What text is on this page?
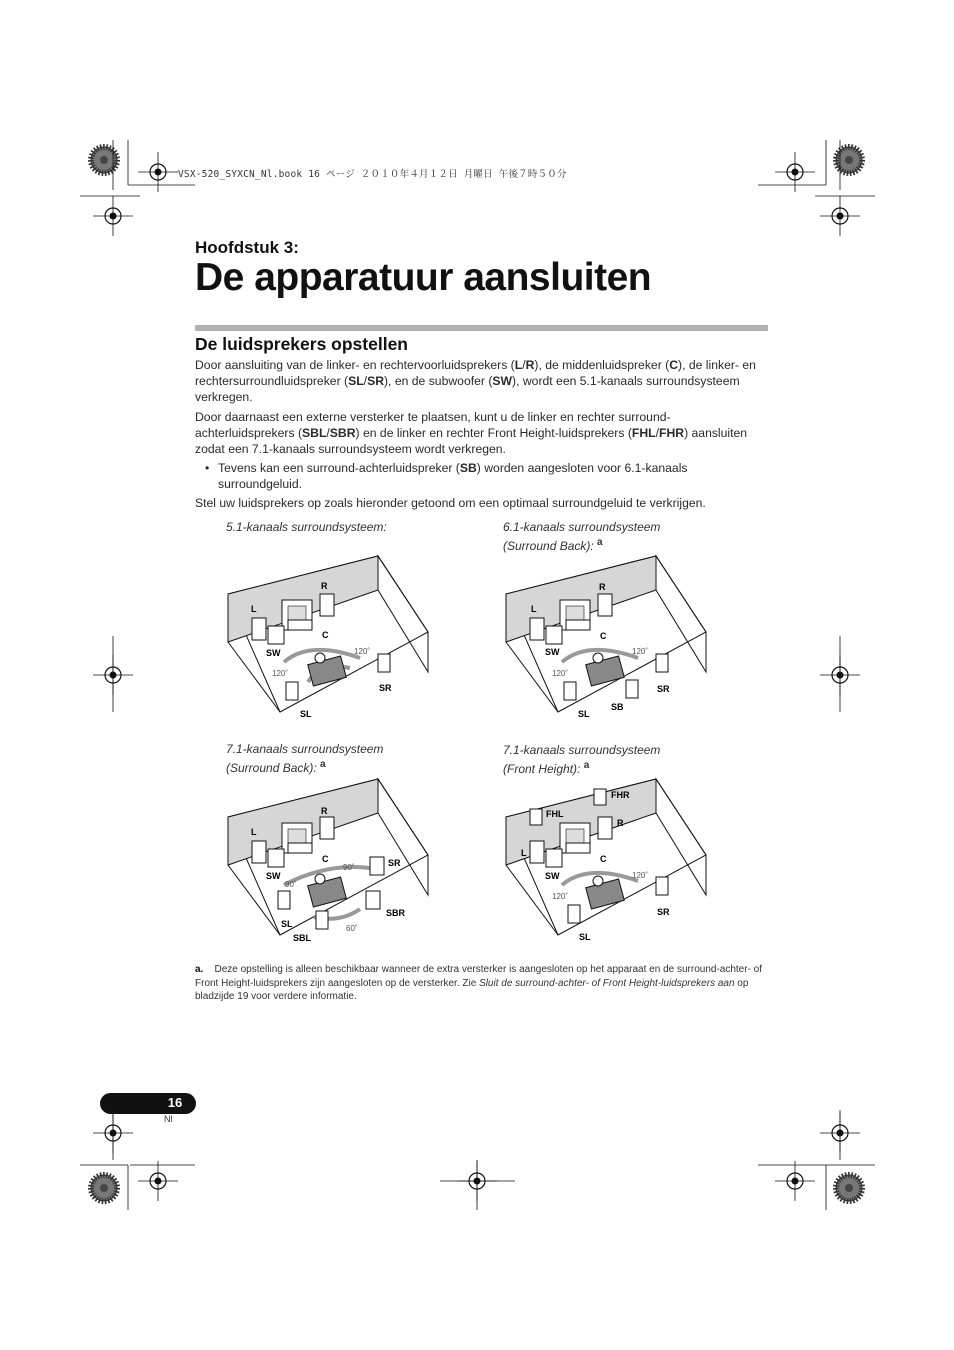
VSX-520_SYXCN_Nl.book 16 ページ ２０１０年４月１２日 月曜日 午後７時５０分
Hoofdstuk 3:
De apparatuur aansluiten
De luidsprekers opstellen
Door aansluiting van de linker- en rechtervoorluidsprekers (L/R), de middenluidspreker (C), de linker- en rechtersurroundluidspreker (SL/SR), en de subwoofer (SW), wordt een 5.1-kanaals surroundsysteem verkregen.
Door daarnaast een externe versterker te plaatsen, kunt u de linker en rechter surround-achterluidsprekers (SBL/SBR) en de linker en rechter Front Height-luidsprekers (FHL/FHR) aansluiten zodat een 7.1-kanaals surroundsysteem wordt verkregen.
• Tevens kan een surround-achterluidspreker (SB) worden aangesloten voor 6.1-kanaals surroundgeluid.
Stel uw luidsprekers op zoals hieronder getoond om een optimaal surroundgeluid te verkrijgen.
5.1-kanaals surroundsysteem:	6.1-kanaals surroundsysteem
(Surround Back): $^a$
7.1-kanaals surroundsysteem
(Surround Back): $^a$
7.1-kanaals surroundsysteem
(Front Height): $^a$
L
R
C
SW
SL
SR
120˚
120˚
L
R
C
SW
SL
SR
SB
120˚
120˚
L
R
C
SW
SL
SR
SBL
SBR
90˚
90˚
60˚
L
R
C
SW
SL
SR
FHL
FHR
120˚
120˚
a. Deze opstelling is alleen beschikbaar wanneer de extra versterker is aangesloten op het apparaat en de surround-achter- of Front Height-luidsprekers zijn aangesloten op de versterker. Zie Sluit de surround-achter- of Front Height-luidsprekers aan op bladzijde 19 voor verdere informatie.
16
Nl
